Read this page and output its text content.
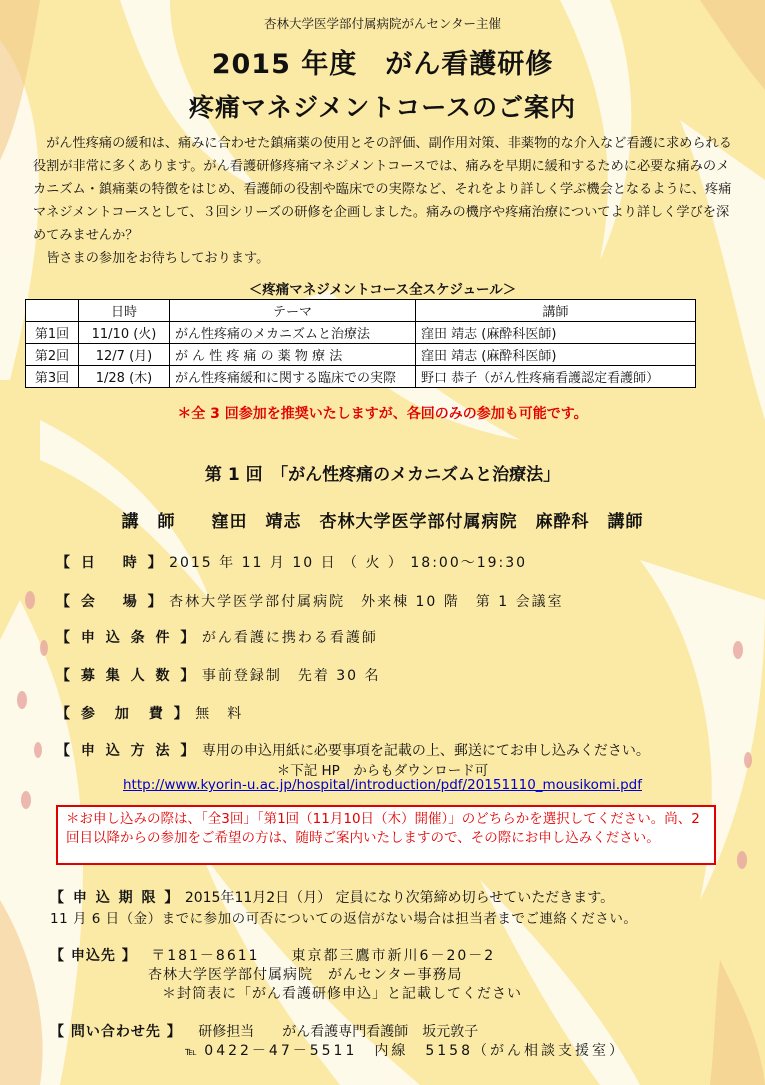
杏林大学医学部付属病院がんセンター主催
2015 年度　がん看護研修
疼痛マネジメントコースのご案内

がん性疼痛の緩和は、痛みに合わせた鎮痛薬の使用とその評価、副作用対策、非薬物的な介入など看護に求められる役割が非常に多くあります。がん看護研修疼痛マネジメントコースでは、痛みを早期に緩和するために必要な痛みのメカニズム・鎮痛薬の特徴をはじめ、看護師の役割や臨床での実際など、それをより詳しく学ぶ機会となるように、疼痛マネジメントコースとして、３回シリーズの研修を企画しました。痛みの機序や疼痛治療についてより詳しく学びを深めてみませんか？

皆さまの参加をお待ちしております。

＜疼痛マネジメントコース全スケジュール＞
	日時	テーマ	講師
第1回	11/10 (火)	がん性疼痛のメカニズムと治療法	窪田 靖志 (麻酔科医師)
第2回	12/7 (月)	が ん 性 疼 痛 の 薬 物 療 法	窪田 靖志 (麻酔科医師)
第3回	1/28 (木)	がん性疼痛緩和に関する臨床での実際	野口 恭子（がん性疼痛看護認定看護師）
＊全 3 回参加を推奨いたしますが、各回のみの参加も可能です。
第 1 回　「がん性疼痛のメカニズムと治療法」
講　師　　窪田　靖志　杏林大学医学部付属病院　麻酔科　講師
【 日　 時 】 2015 年 11 月 10 日 （ 火 ） 18:00～19:30
【 会　 場 】 杏林大学医学部付属病院　外来棟 10 階　第 1 会議室
【 申 込 条 件 】 がん看護に携わる看護師
【 募 集 人 数 】 事前登録制　先着 30 名
【 参　加　費 】 無　料
【 申 込 方 法 】 専用の申込用紙に必要事項を記載の上、郵送にてお申し込みください。
＊下記 HP　からもダウンロード可
http://www.kyorin-u.ac.jp/hospital/introduction/pdf/20151110_mousikomi.pdf
＊お申し込みの際は、「全3回」「第1回（11月10日（木）開催）」のどちらかを選択してください。尚、2 回目以降からの参加をご希望の方は、随時ご案内いたしますので、その際にお申し込みください。
【 申 込 期 限 】 2015年11月2日（月） 定員になり次第締め切らせていただきます。
11 月 6 日（金）までに参加の可否についての返信がない場合は担当者までご連絡ください。
【 申込先 】 〒181－8611　　東京都三鷹市新川6－20－2
杏林大学医学部付属病院　がんセンター事務局
＊封筒表に「がん看護研修申込」と記載してください
【 問い合わせ先 】 研修担当　　がん看護専門看護師　坂元敦子
℡ 0422－47－5511　内線　5158（がん相談支援室）
